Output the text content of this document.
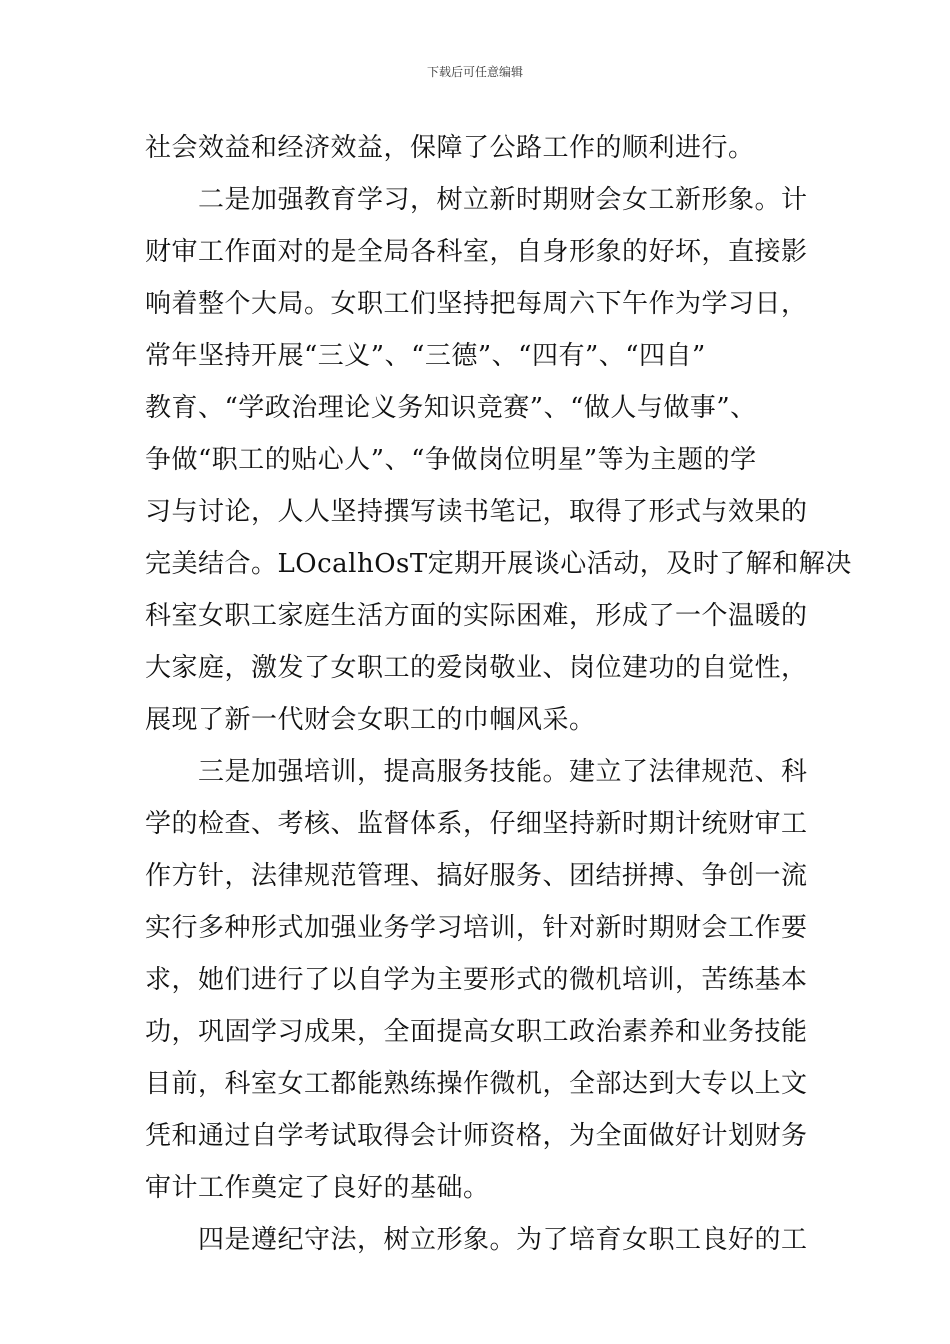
下载后可任意编辑

社会效益和经济效益，保障了公路工作的顺利进行。

　　二是加强教育学习，树立新时期财会女工新形象。计

财审工作面对的是全局各科室，自身形象的好坏，直接影

响着整个大局。女职工们坚持把每周六下午作为学习日，

常年坚持开展“三义”、“三德”、“四有”、“四自”

教育、“学政治理论义务知识竞赛”、“做人与做事”、

争做“职工的贴心人”、“争做岗位明星”等为主题的学

习与讨论，人人坚持撰写读书笔记，取得了形式与效果的

完美结合。LOcalhOsT定期开展谈心活动，及时了解和解决

科室女职工家庭生活方面的实际困难，形成了一个温暖的

大家庭，激发了女职工的爱岗敬业、岗位建功的自觉性，

展现了新一代财会女职工的巾帼风采。

　　三是加强培训，提高服务技能。建立了法律规范、科

学的检查、考核、监督体系，仔细坚持新时期计统财审工

作方针，法律规范管理、搞好服务、团结拼搏、争创一流

实行多种形式加强业务学习培训，针对新时期财会工作要

求，她们进行了以自学为主要形式的微机培训，苦练基本

功，巩固学习成果，全面提高女职工政治素养和业务技能

目前，科室女工都能熟练操作微机，全部达到大专以上文

凭和通过自学考试取得会计师资格，为全面做好计划财务

审计工作奠定了良好的基础。

　　四是遵纪守法，树立形象。为了培育女职工良好的工
